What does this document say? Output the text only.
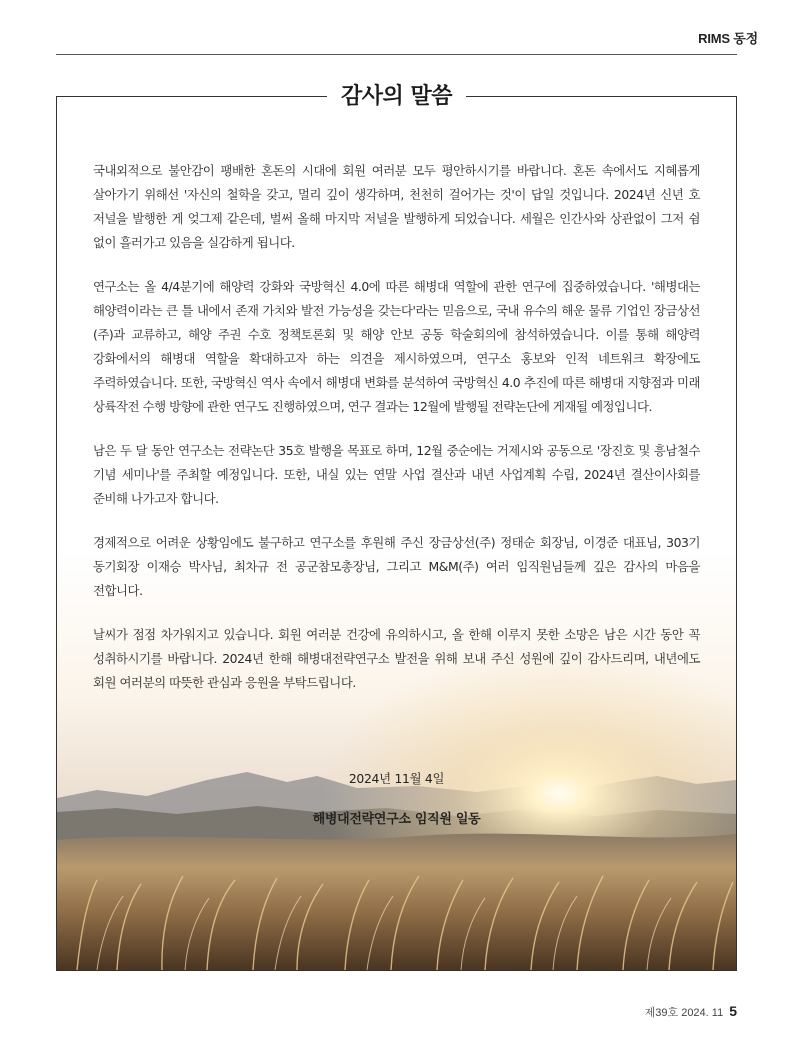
RIMS 동정

국내외적으로 불안감이 팽배한 혼돈의 시대에 회원 여러분 모두 평안하시기를 바랍니다. 혼돈 속에서도 지혜롭게 살아가기 위해선 '자신의 철학을 갖고, 멀리 깊이 생각하며, 천천히 걸어가는 것'이 답일 것입니다. 2024년 신년 호 저널을 발행한 게 엊그제 같은데, 벌써 올해 마지막 저널을 발행하게 되었습니다. 세월은 인간사와 상관없이 그저 쉼 없이 흘러가고 있음을 실감하게 됩니다.

연구소는 올 4/4분기에 해양력 강화와 국방혁신 4.0에 따른 해병대 역할에 관한 연구에 집중하였습니다. '해병대는 해양력이라는 큰 틀 내에서 존재 가치와 발전 가능성을 갖는다'라는 믿음으로, 국내 유수의 해운 물류 기업인 장금상선(주)과 교류하고, 해양 주권 수호 정책토론회 및 해양 안보 공동 학술회의에 참석하였습니다. 이를 통해 해양력 강화에서의 해병대 역할을 확대하고자 하는 의견을 제시하였으며, 연구소 홍보와 인적 네트워크 확장에도 주력하였습니다. 또한, 국방혁신 역사 속에서 해병대 변화를 분석하여 국방혁신 4.0 추진에 따른 해병대 지향점과 미래 상륙작전 수행 방향에 관한 연구도 진행하였으며, 연구 결과는 12월에 발행될 전략논단에 게재될 예정입니다.

남은 두 달 동안 연구소는 전략논단 35호 발행을 목표로 하며, 12월 중순에는 거제시와 공동으로 '장진호 및 흥남철수 기념 세미나'를 주최할 예정입니다. 또한, 내실 있는 연말 사업 결산과 내년 사업계획 수립, 2024년 결산이사회를 준비해 나가고자 합니다.

경제적으로 어려운 상황임에도 불구하고 연구소를 후원해 주신 장금상선(주) 정태순 회장님, 이경준 대표님, 303기 동기회장 이재승 박사님, 최차규 전 공군참모총장님, 그리고 M&M(주) 여러 임직원님들께 깊은 감사의 마음을 전합니다.

날씨가 점점 차가워지고 있습니다. 회원 여러분 건강에 유의하시고, 올 한해 이루지 못한 소망은 남은 시간 동안 꼭 성취하시기를 바랍니다. 2024년 한해 해병대전략연구소 발전을 위해 보내 주신 성원에 깊이 감사드리며, 내년에도 회원 여러분의 따뜻한 관심과 응원을 부탁드립니다.

2024년 11월 4일
해병대전략연구소 임직원 일동
감사의 말씀
제39호 2024. 11 5
